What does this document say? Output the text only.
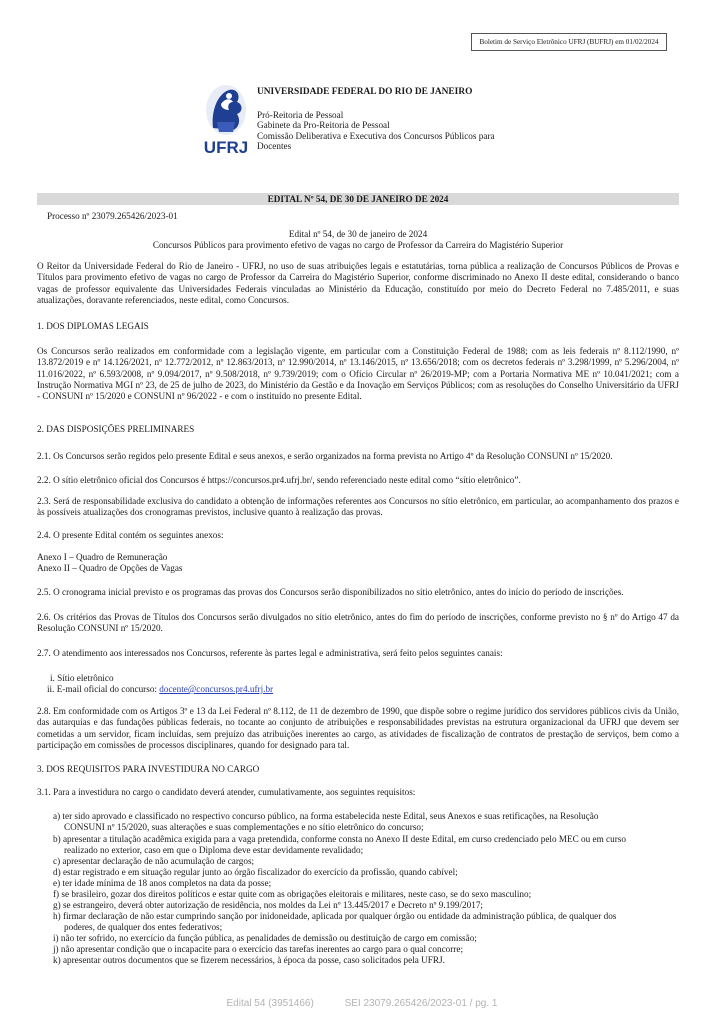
Boletim de Serviço Eletrônico UFRJ (BUFRJ) em 01/02/2024
UFRJ
UNIVERSIDADE FEDERAL DO RIO DE JANEIRO
Pró-Reitoria de Pessoal
Gabinete da Pro-Reitoria de Pessoal
Comissão Deliberativa e Executiva dos Concursos Públicos para
Docentes
EDITAL Nº 54, DE 30 DE JANEIRO DE 2024
Processo nº 23079.265426/2023-01
Edital nº 54, de 30 de janeiro de 2024
Concursos Públicos para provimento efetivo de vagas no cargo de Professor da Carreira do Magistério Superior
O Reitor da Universidade Federal do Rio de Janeiro - UFRJ, no uso de suas atribuições legais e estatutárias, torna pública a realização de Concursos Públicos de Provas e Títulos para provimento efetivo de vagas no cargo de Professor da Carreira do Magistério Superior, conforme discriminado no Anexo II deste edital, considerando o banco vagas de professor equivalente das Universidades Federais vinculadas ao Ministério da Educação, constituído por meio do Decreto Federal no 7.485/2011, e suas atualizações, doravante referenciados, neste edital, como Concursos.
1. DOS DIPLOMAS LEGAIS
Os Concursos serão realizados em conformidade com a legislação vigente, em particular com a Constituição Federal de 1988; com as leis federais nº 8.112/1990, nº 13.872/2019 e nº 14.126/2021, nº 12.772/2012, nº 12.863/2013, nº 12.990/2014, nº 13.146/2015, nº 13.656/2018; com os decretos federais nº 3.298/1999, nº 5.296/2004, nº 11.016/2022, nº 6.593/2008, nº 9.094/2017, nº 9.508/2018, nº 9.739/2019; com o Ofício Circular nº 26/2019-MP; com a Portaria Normativa ME nº 10.041/2021; com a Instrução Normativa MGI nº 23, de 25 de julho de 2023, do Ministério da Gestão e da Inovação em Serviços Públicos; com as resoluções do Conselho Universitário da UFRJ - CONSUNI nº 15/2020 e CONSUNI nº 96/2022 - e com o instituído no presente Edital.
2. DAS DISPOSIÇÕES PRELIMINARES
2.1. Os Concursos serão regidos pelo presente Edital e seus anexos, e serão organizados na forma prevista no Artigo 4º da Resolução CONSUNI nº 15/2020.
2.2. O sítio eletrônico oficial dos Concursos é https://concursos.pr4.ufrj.br/, sendo referenciado neste edital como “sítio eletrônico”.
2.3. Será de responsabilidade exclusiva do candidato a obtenção de informações referentes aos Concursos no sítio eletrônico, em particular, ao acompanhamento dos prazos e às possíveis atualizações dos cronogramas previstos, inclusive quanto à realização das provas.
2.4. O presente Edital contém os seguintes anexos:
Anexo I – Quadro de Remuneração
Anexo II – Quadro de Opções de Vagas
2.5. O cronograma inicial previsto e os programas das provas dos Concursos serão disponibilizados no sítio eletrônico, antes do início do período de inscrições.
2.6. Os critérios das Provas de Títulos dos Concursos serão divulgados no sítio eletrônico, antes do fim do período de inscrições, conforme previsto no § nº do Artigo 47 da Resolução CONSUNI nº 15/2020.
2.7. O atendimento aos interessados nos Concursos, referente às partes legal e administrativa, será feito pelos seguintes canais:
i. Sítio eletrônico
ii. E-mail oficial do concurso: docente@concursos.pr4.ufrj.br
2.8. Em conformidade com os Artigos 3º e 13 da Lei Federal nº 8.112, de 11 de dezembro de 1990, que dispõe sobre o regime jurídico dos servidores públicos civis da União, das autarquias e das fundações públicas federais, no tocante ao conjunto de atribuições e responsabilidades previstas na estrutura organizacional da UFRJ que devem ser cometidas a um servidor, ficam incluídas, sem prejuízo das atribuições inerentes ao cargo, as atividades de fiscalização de contratos de prestação de serviços, bem como a participação em comissões de processos disciplinares, quando for designado para tal.
3. DOS REQUISITOS PARA INVESTIDURA NO CARGO
3.1. Para a investidura no cargo o candidato deverá atender, cumulativamente, aos seguintes requisitos:
a) ter sido aprovado e classificado no respectivo concurso público, na forma estabelecida neste Edital, seus Anexos e suas retificações, na Resolução
CONSUNI nº 15/2020, suas alterações e suas complementações e no sítio eletrônico do concurso;
b) apresentar a titulação acadêmica exigida para a vaga pretendida, conforme consta no Anexo II deste Edital, em curso credenciado pelo MEC ou em curso
realizado no exterior, caso em que o Diploma deve estar devidamente revalidado;
c) apresentar declaração de não acumulação de cargos;
d) estar registrado e em situação regular junto ao órgão fiscalizador do exercício da profissão, quando cabível;
e) ter idade mínima de 18 anos completos na data da posse;
f) se brasileiro, gozar dos direitos políticos e estar quite com as obrigações eleitorais e militares, neste caso, se do sexo masculino;
g) se estrangeiro, deverá obter autorização de residência, nos moldes da Lei nº 13.445/2017 e Decreto nº 9.199/2017;
h) firmar declaração de não estar cumprindo sanção por inidoneidade, aplicada por qualquer órgão ou entidade da administração pública, de qualquer dos
poderes, de qualquer dos entes federativos;
i) não ter sofrido, no exercício da função pública, as penalidades de demissão ou destituição de cargo em comissão;
j) não apresentar condição que o incapacite para o exercício das tarefas inerentes ao cargo para o qual concorre;
k) apresentar outros documentos que se fizerem necessários, à época da posse, caso solicitados pela UFRJ.
Edital 54 (3951466)	SEI 23079.265426/2023-01 / pg. 1
